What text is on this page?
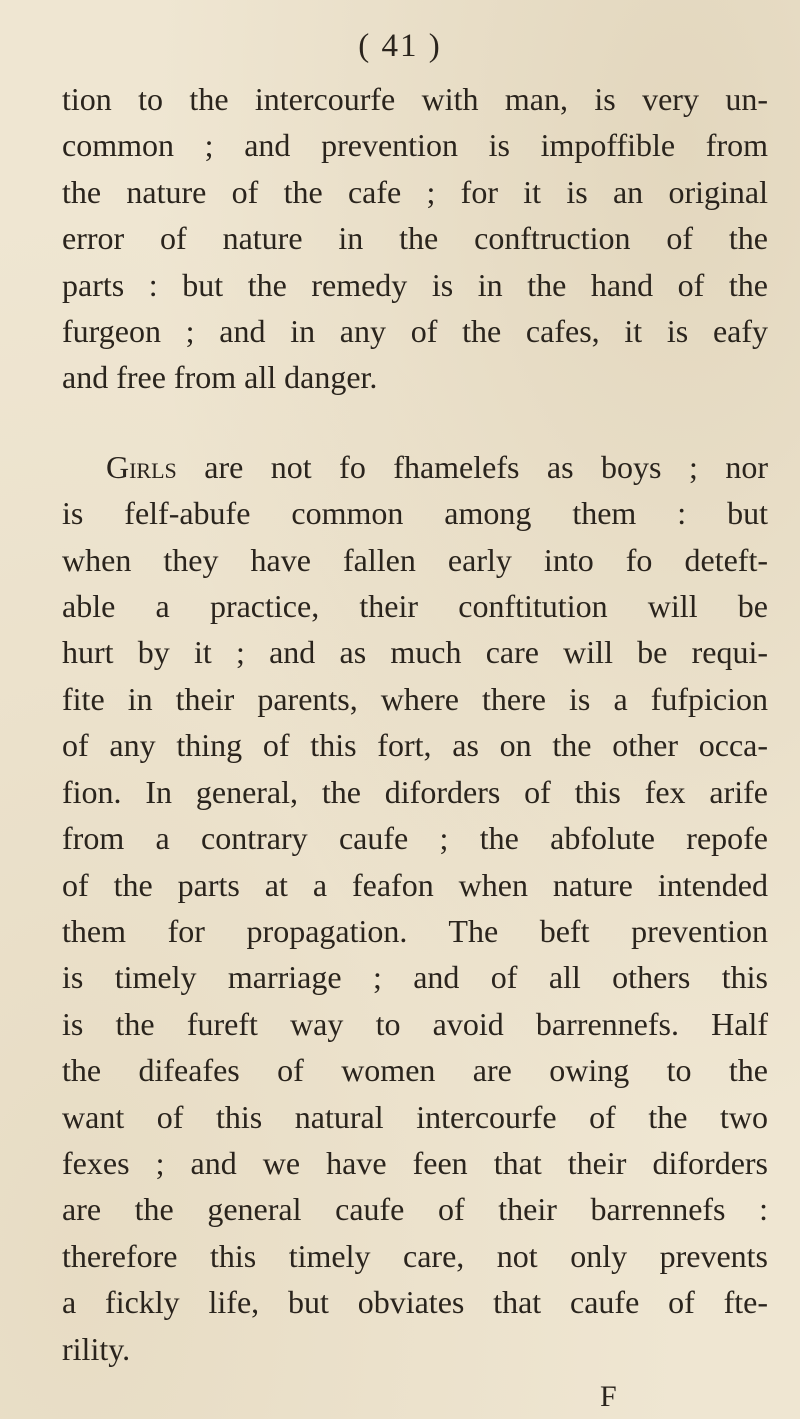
( 41 )
tion to the intercourfe with man, is very un-
common ; and prevention is impoffible from
the nature of the cafe ; for it is an original
error of nature in the conftruction of the
parts : but the remedy is in the hand of the
furgeon ; and in any of the cafes, it is eafy
and free from all danger.
Girls are not fo fhamelefs as boys ; nor
is felf-abufe common among them : but
when they have fallen early into fo deteft-
able a practice, their conftitution will be
hurt by it ; and as much care will be requi-
fite in their parents, where there is a fufpicion
of any thing of this fort, as on the other occa-
fion. In general, the diforders of this fex arife
from a contrary caufe ; the abfolute repofe
of the parts at a feafon when nature intended
them for propagation. The beft prevention
is timely marriage ; and of all others this
is the fureft way to avoid barrennefs. Half
the difeafes of women are owing to the
want of this natural intercourfe of the two
fexes ; and we have feen that their diforders
are the general caufe of their barrennefs :
therefore this timely care, not only prevents
a fickly life, but obviates that caufe of fte-
rility.
F
